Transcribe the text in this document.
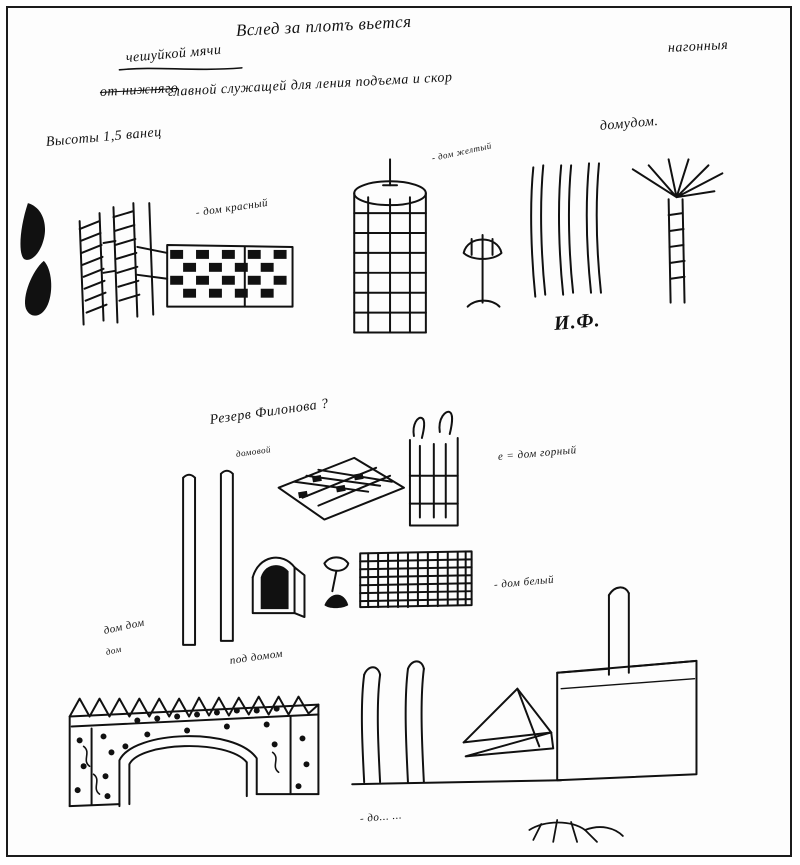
Вслед за плотъ вьется
нагонныя
чешуйкой мячи
от нижняго
главной служащей для ления подъема и скор
домудом.
Высоты 1,5 ванец
- дом красный
- дом желтый
И.Ф.
Резерв Филонова ?
домовой	е = дом горный
- дом белый
дом дом
дом	под домом
- до... ...
